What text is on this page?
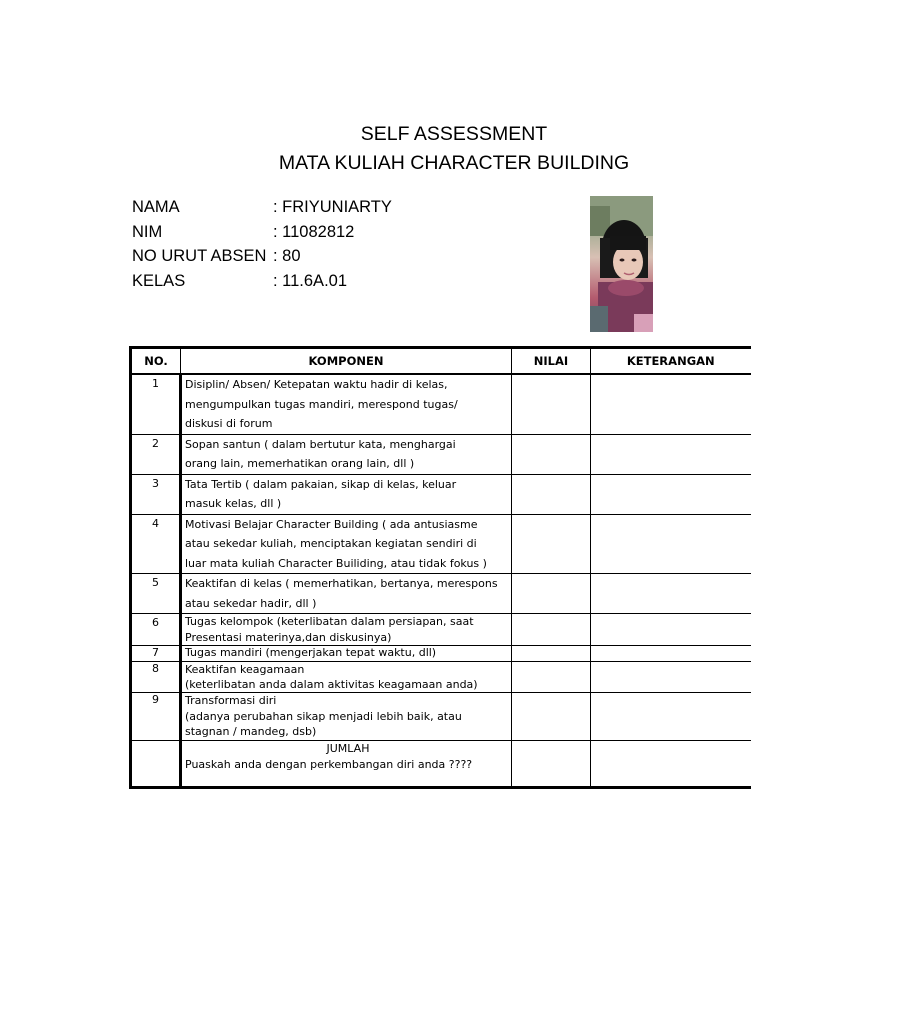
SELF ASSESSMENT
MATA KULIAH CHARACTER BUILDING
NAMA	: FRIYUNIARTY
NIM	: 11082812
NO URUT ABSEN : 80
KELAS	: 11.6A.01
NO.	KOMPONEN	NILAI	KETERANGAN
1	Disiplin/ Absen/ Ketepatan waktu hadir di kelas,
mengumpulkan tugas mandiri, merespond tugas/
diskusi di forum		

2	Sopan santun ( dalam bertutur kata, menghargai
orang lain, memerhatikan orang lain, dll )		

3	Tata Tertib ( dalam pakaian, sikap di kelas, keluar
masuk kelas, dll )		

4	Motivasi Belajar Character Building ( ada antusiasme
atau sekedar kuliah, menciptakan kegiatan sendiri di
luar mata kuliah Character Builiding, atau tidak fokus )		

5	Keaktifan di kelas ( memerhatikan, bertanya, merespons
atau sekedar hadir, dll )		

6	Tugas kelompok (keterlibatan dalam persiapan, saat
Presentasi materinya,dan diskusinya)		

7	Tugas mandiri (mengerjakan tepat waktu, dll)		

8	Keaktifan keagamaan
(keterlibatan anda dalam aktivitas keagamaan anda)		

9	Transformasi diri
(adanya perubahan sikap menjadi lebih baik, atau
stagnan / mandeg, dsb)		

	JUMLAH
Puaskah anda dengan perkembangan diri anda ????		
